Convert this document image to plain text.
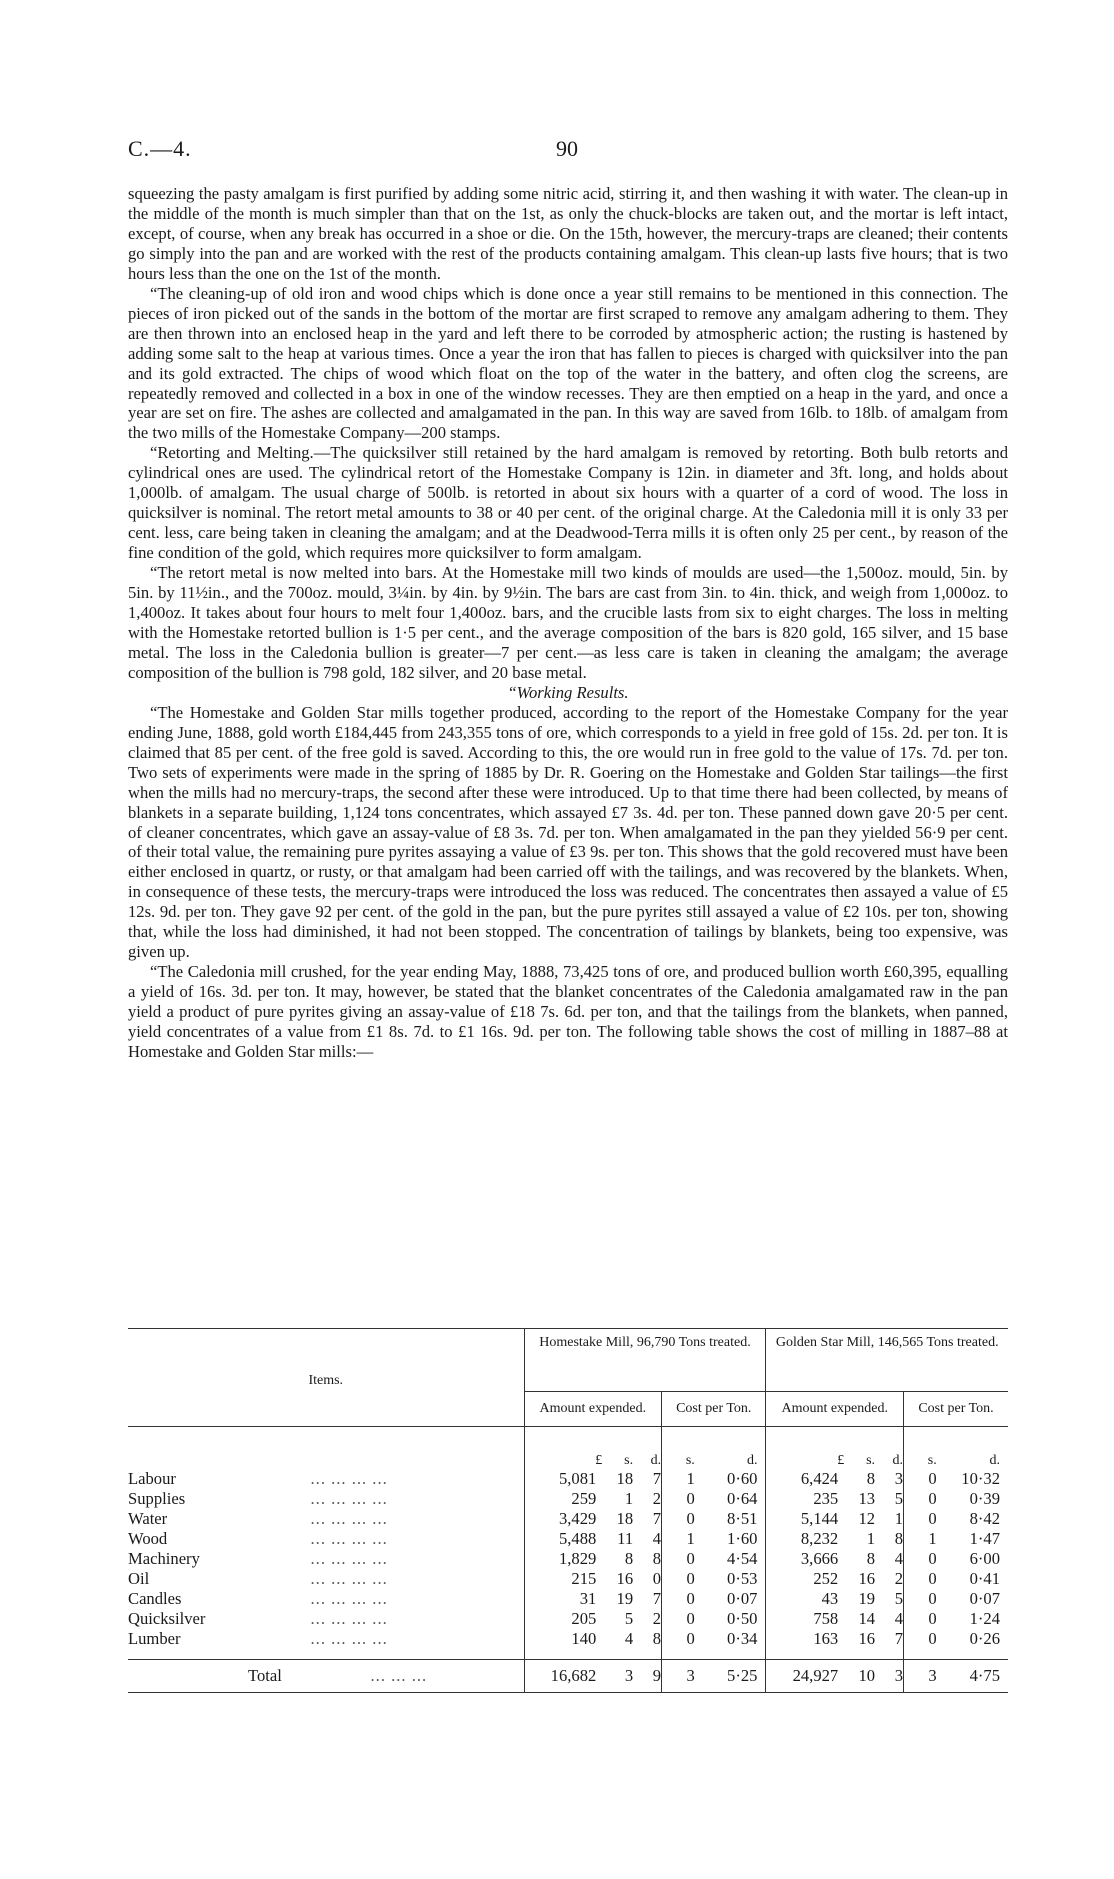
C.—4.	90

squeezing the pasty amalgam is first purified by adding some nitric acid, stirring it, and then washing it with water. The clean-up in the middle of the month is much simpler than that on the 1st, as only the chuck-blocks are taken out, and the mortar is left intact, except, of course, when any break has occurred in a shoe or die. On the 15th, however, the mercury-traps are cleaned; their contents go simply into the pan and are worked with the rest of the products containing amalgam. This clean-up lasts five hours; that is two hours less than the one on the 1st of the month.

“The cleaning-up of old iron and wood chips which is done once a year still remains to be mentioned in this connection. The pieces of iron picked out of the sands in the bottom of the mortar are first scraped to remove any amalgam adhering to them. They are then thrown into an enclosed heap in the yard and left there to be corroded by atmospheric action; the rusting is hastened by adding some salt to the heap at various times. Once a year the iron that has fallen to pieces is charged with quicksilver into the pan and its gold extracted. The chips of wood which float on the top of the water in the battery, and often clog the screens, are repeatedly removed and collected in a box in one of the window recesses. They are then emptied on a heap in the yard, and once a year are set on fire. The ashes are collected and amalgamated in the pan. In this way are saved from 16lb. to 18lb. of amalgam from the two mills of the Homestake Company—200 stamps.

“Retorting and Melting.—The quicksilver still retained by the hard amalgam is removed by retorting. Both bulb retorts and cylindrical ones are used. The cylindrical retort of the Homestake Company is 12in. in diameter and 3ft. long, and holds about 1,000lb. of amalgam. The usual charge of 500lb. is retorted in about six hours with a quarter of a cord of wood. The loss in quicksilver is nominal. The retort metal amounts to 38 or 40 per cent. of the original charge. At the Caledonia mill it is only 33 per cent. less, care being taken in cleaning the amalgam; and at the Deadwood-Terra mills it is often only 25 per cent., by reason of the fine condition of the gold, which requires more quicksilver to form amalgam.

“The retort metal is now melted into bars. At the Homestake mill two kinds of moulds are used—the 1,500oz. mould, 5in. by 5in. by 11½in., and the 700oz. mould, 3¼in. by 4in. by 9½in. The bars are cast from 3in. to 4in. thick, and weigh from 1,000oz. to 1,400oz. It takes about four hours to melt four 1,400oz. bars, and the crucible lasts from six to eight charges. The loss in melting with the Homestake retorted bullion is 1·5 per cent., and the average composition of the bars is 820 gold, 165 silver, and 15 base metal. The loss in the Caledonia bullion is greater—7 per cent.—as less care is taken in cleaning the amalgam; the average composition of the bullion is 798 gold, 182 silver, and 20 base metal.

“Working Results.

“The Homestake and Golden Star mills together produced, according to the report of the Homestake Company for the year ending June, 1888, gold worth £184,445 from 243,355 tons of ore, which corresponds to a yield in free gold of 15s. 2d. per ton. It is claimed that 85 per cent. of the free gold is saved. According to this, the ore would run in free gold to the value of 17s. 7d. per ton. Two sets of experiments were made in the spring of 1885 by Dr. R. Goering on the Homestake and Golden Star tailings—the first when the mills had no mercury-traps, the second after these were introduced. Up to that time there had been collected, by means of blankets in a separate building, 1,124 tons concentrates, which assayed £7 3s. 4d. per ton. These panned down gave 20·5 per cent. of cleaner concentrates, which gave an assay-value of £8 3s. 7d. per ton. When amalgamated in the pan they yielded 56·9 per cent. of their total value, the remaining pure pyrites assaying a value of £3 9s. per ton. This shows that the gold recovered must have been either enclosed in quartz, or rusty, or that amalgam had been carried off with the tailings, and was recovered by the blankets. When, in consequence of these tests, the mercury-traps were introduced the loss was reduced. The concentrates then assayed a value of £5 12s. 9d. per ton. They gave 92 per cent. of the gold in the pan, but the pure pyrites still assayed a value of £2 10s. per ton, showing that, while the loss had diminished, it had not been stopped. The concentration of tailings by blankets, being too expensive, was given up.

“The Caledonia mill crushed, for the year ending May, 1888, 73,425 tons of ore, and produced bullion worth £60,395, equalling a yield of 16s. 3d. per ton. It may, however, be stated that the blanket concentrates of the Caledonia amalgamated raw in the pan yield a product of pure pyrites giving an assay-value of £18 7s. 6d. per ton, and that the tailings from the blankets, when panned, yield concentrates of a value from £1 8s. 7d. to £1 16s. 9d. per ton. The following table shows the cost of milling in 1887–88 at Homestake and Golden Star mills:—

Items.		Homestake Mill, 96,790 Tons treated.					Golden Star Mill, 146,565 Tons treated.				
		Amount expended.			Cost per Ton.		Amount expended.			Cost per Ton.	
		£	s.	d.	s.	d.	£	s.	d.	s.	d.
Labour	... ... ... ...	5,081	18	7	1	0·60	6,424	8	3	0	10·32
Supplies	... ... ... ...	259	1	2	0	0·64	235	13	5	0	0·39
Water	... ... ... ...	3,429	18	7	0	8·51	5,144	12	1	0	8·42
Wood	... ... ... ...	5,488	11	4	1	1·60	8,232	1	8	1	1·47
Machinery	... ... ... ...	1,829	8	8	0	4·54	3,666	8	4	0	6·00
Oil	... ... ... ...	215	16	0	0	0·53	252	16	2	0	0·41
Candles	... ... ... ...	31	19	7	0	0·07	43	19	5	0	0·07
Quicksilver	... ... ... ...	205	5	2	0	0·50	758	14	4	0	1·24
Lumber	... ... ... ...	140	4	8	0	0·34	163	16	7	0	0·26

Total	... ... ...	16,682	3	9	3	5·25	24,927	10	3	3	4·75
